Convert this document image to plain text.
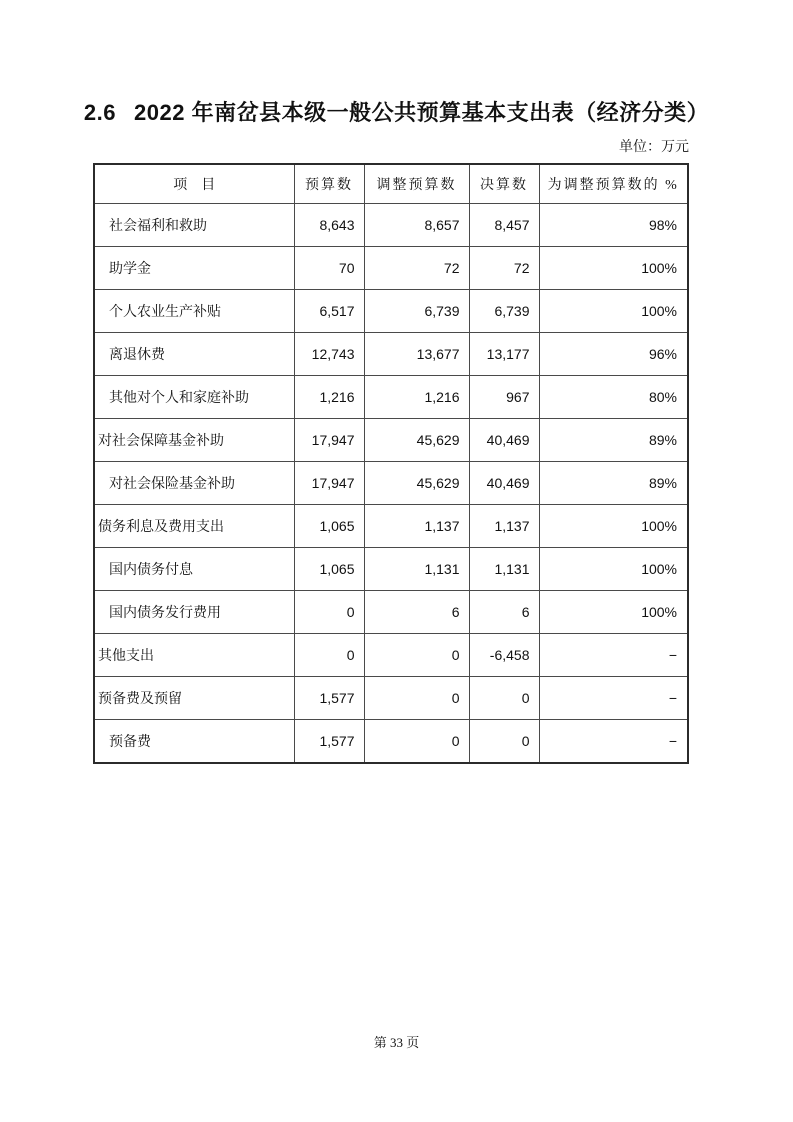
2.6 2022 年南岔县本级一般公共预算基本支出表（经济分类）
单位：万元
项　目	预算数	调整预算数	决算数	为调整预算数的 %
社会福利和救助	8,643	8,657	8,457	98%
助学金	70	72	72	100%
个人农业生产补贴	6,517	6,739	6,739	100%
离退休费	12,743	13,677	13,177	96%
其他对个人和家庭补助	1,216	1,216	967	80%
对社会保障基金补助	17,947	45,629	40,469	89%
对社会保险基金补助	17,947	45,629	40,469	89%
债务利息及费用支出	1,065	1,137	1,137	100%
国内债务付息	1,065	1,131	1,131	100%
国内债务发行费用	0	6	6	100%
其他支出	0	0	-6,458	−
预备费及预留	1,577	0	0	−
预备费	1,577	0	0	−
第 33 页
